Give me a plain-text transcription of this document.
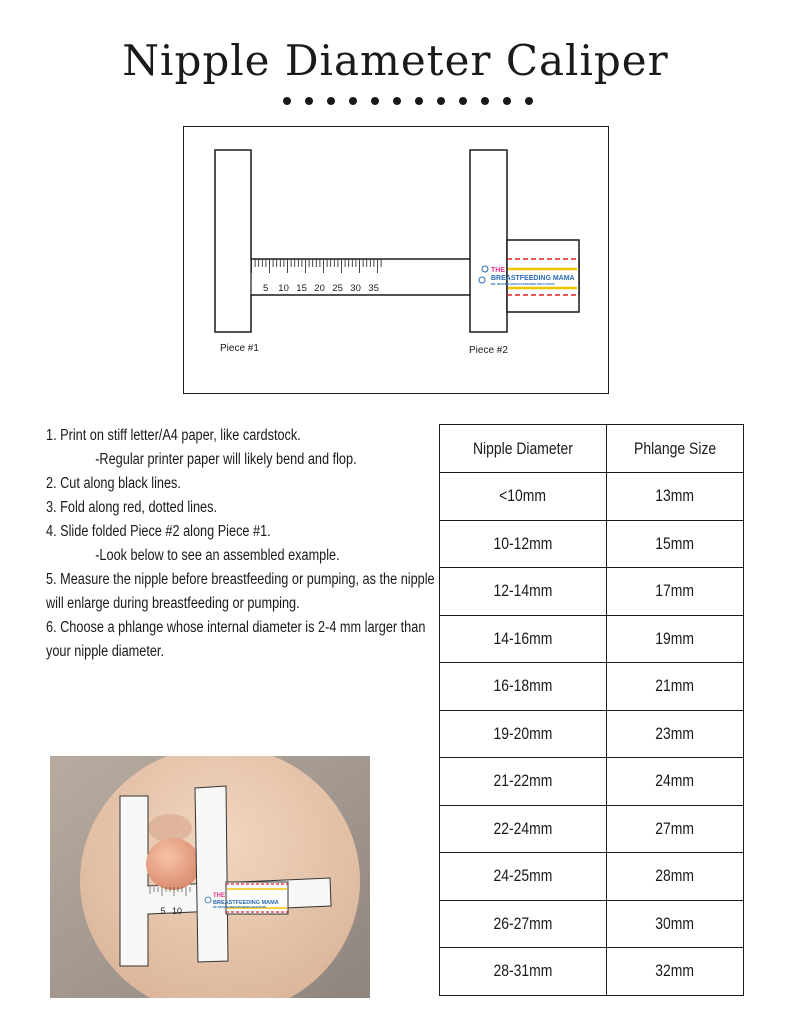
Nipple Diameter Caliper
5 10 15 20 25 30 35
THE
BREASTFEEDING MAMA
DR. DEANNE BREASTFEEDING EDUCATION
Piece #1	Piece #2

1. Print on stiff letter/A4 paper, like cardstock.

-Regular printer paper will likely bend and flop.

2. Cut along black lines.

3. Fold along red, dotted lines.

4. Slide folded Piece #2 along Piece #1.

-Look below to see an assembled example.

5. Measure the nipple before breastfeeding or pumping, as the nipple will enlarge during breastfeeding or pumping.

6. Choose a phlange whose internal diameter is 2-4 mm larger than your nipple diameter.

Nipple Diameter	Phlange Size
<10mm	13mm
10-12mm	15mm
12-14mm	17mm
14-16mm	19mm
16-18mm	21mm
19-20mm	23mm
21-22mm	24mm
22-24mm	27mm
24-25mm	28mm
26-27mm	30mm
28-31mm	32mm
THE
BREASTFEEDING MAMA
DR. DEANNE BREASTFEEDING EDUCATION
5 10
